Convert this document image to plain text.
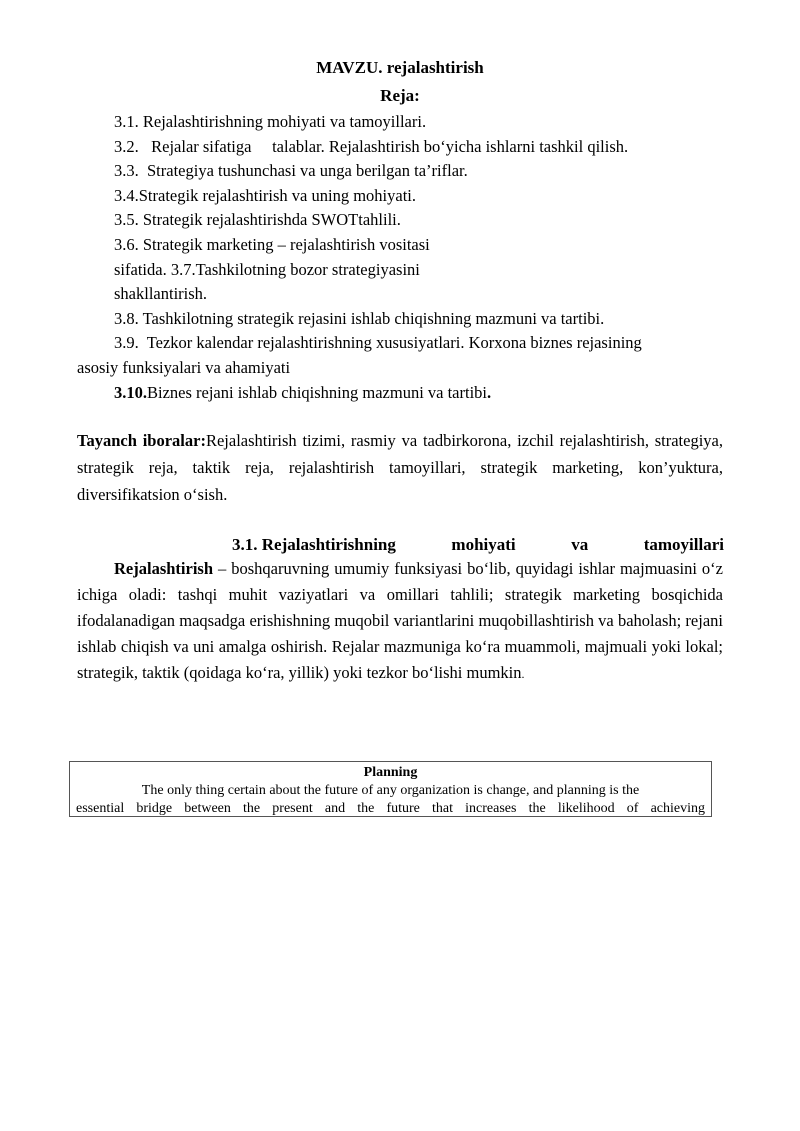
MAVZU. rejalashtirish
Reja:
3.1. Rejalashtirishning mohiyati va tamoyillari.
3.2.   Rejalar sifatiga     talablar. Rejalashtirish bo‘yicha ishlarni tashkil qilish.
3.3.  Strategiya tushunchasi va unga berilgan ta’riflar.
3.4.Strategik rejalashtirish va uning mohiyati.
3.5. Strategik rejalashtirishda SWOTtahlili.
3.6. Strategik marketing – rejalashtirish vositasi
sifatida. 3.7.Tashkilotning bozor strategiyasini
shakllantirish.
3.8. Tashkilotning strategik rejasini ishlab chiqishning mazmuni va tartibi.
3.9.  Tezkor kalendar rejalashtirishning xususiyatlari. Korxona biznes rejasining
asosiy funksiyalari va ahamiyati
3.10.Biznes rejani ishlab chiqishning mazmuni va tartibi.
Tayanch iboralar:Rejalashtirish tizimi, rasmiy va tadbirkorona, izchil rejalashtirish, strategiya, strategik reja, taktik reja, rejalashtirish tamoyillari, strategik marketing, kon’yuktura, diversifikatsion o‘sish.
3.1. Rejalashtirishning	mohiyati	va	tamoyillari
Rejalashtirish – boshqaruvning umumiy funksiyasi bo‘lib, quyidagi ishlar majmuasini o‘z ichiga oladi: tashqi muhit vaziyatlari va omillari tahlili; strategik marketing bosqichida ifodalanadigan maqsadga erishishning muqobil variantlarini muqobillashtirish va baholash; rejani ishlab chiqish va uni amalga oshirish. Rejalar mazmuniga ko‘ra muammoli, majmuali yoki lokal; strategik, taktik (qoidaga ko‘ra, yillik) yoki tezkor bo‘lishi mumkin.
Planning
The only thing certain about the future of any organization is change, and planning is the
essential bridge between the present and the future that increases the likelihood of achieving
